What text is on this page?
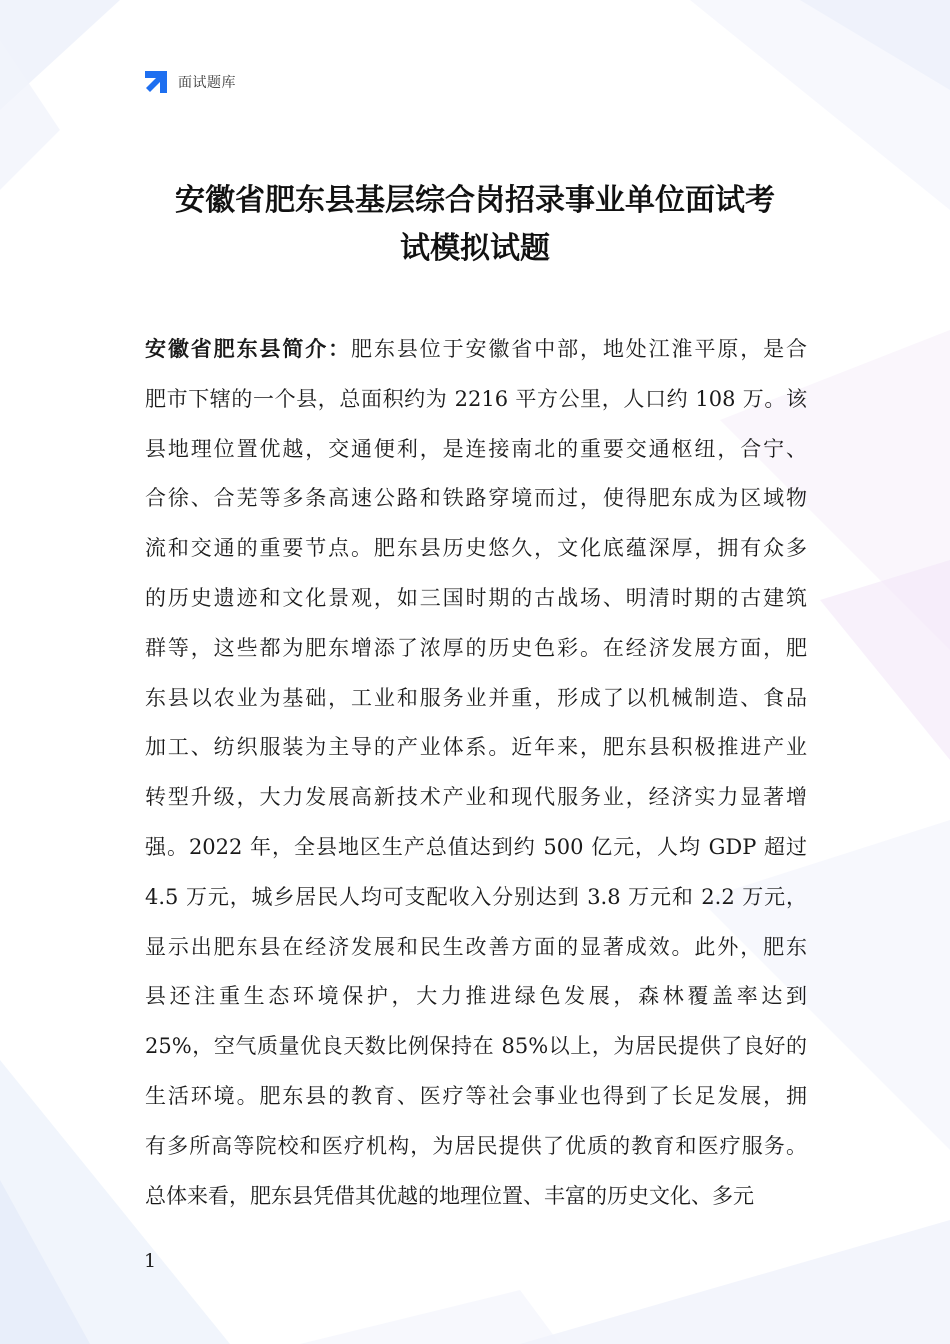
面试题库
安徽省肥东县基层综合岗招录事业单位面试考
试模拟试题
安徽省肥东县简介：肥东县位于安徽省中部，地处江淮平原，是合
肥市下辖的一个县，总面积约为 2216 平方公里，人口约 108 万。该
县地理位置优越，交通便利，是连接南北的重要交通枢纽，合宁、
合徐、合芜等多条高速公路和铁路穿境而过，使得肥东成为区域物
流和交通的重要节点。肥东县历史悠久，文化底蕴深厚，拥有众多
的历史遗迹和文化景观，如三国时期的古战场、明清时期的古建筑
群等，这些都为肥东增添了浓厚的历史色彩。在经济发展方面，肥
东县以农业为基础，工业和服务业并重，形成了以机械制造、食品
加工、纺织服装为主导的产业体系。近年来，肥东县积极推进产业
转型升级，大力发展高新技术产业和现代服务业，经济实力显著增
强。2022 年，全县地区生产总值达到约 500 亿元，人均 GDP 超过
4.5 万元，城乡居民人均可支配收入分别达到 3.8 万元和 2.2 万元，
显示出肥东县在经济发展和民生改善方面的显著成效。此外，肥东
县还注重生态环境保护，大力推进绿色发展，森林覆盖率达到
25%，空气质量优良天数比例保持在 85%以上，为居民提供了良好的
生活环境。肥东县的教育、医疗等社会事业也得到了长足发展，拥
有多所高等院校和医疗机构，为居民提供了优质的教育和医疗服务。
总体来看，肥东县凭借其优越的地理位置、丰富的历史文化、多元
1
